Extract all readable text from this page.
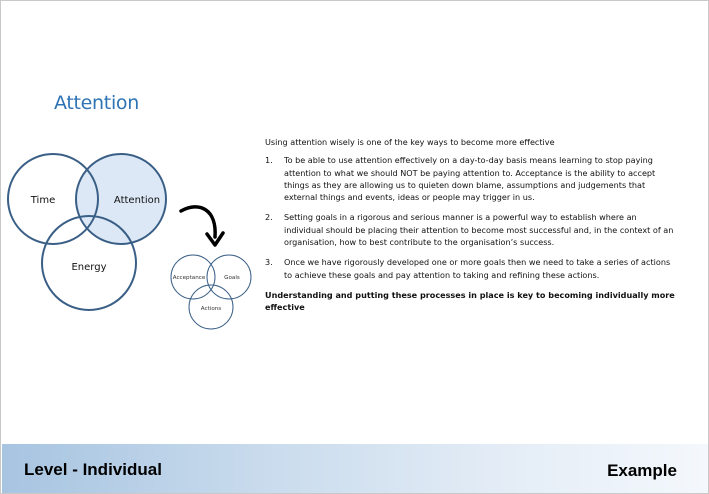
Attention
Time	Attention
Energy
Acceptance	Goals
Actions

Using attention wisely is one of the key ways to become more effective

1. To be able to use attention effectively on a day-to-day basis means learning to stop paying attention to what we should NOT be paying attention to. Acceptance is the ability to accept things as they are allowing us to quieten down blame, assumptions and judgements that external things and events, ideas or people may trigger in us.
2. Setting goals in a rigorous and serious manner is a powerful way to establish where an individual should be placing their attention to become most successful and, in the context of an organisation, how to best contribute to the organisation’s success.
3. Once we have rigorously developed one or more goals then we need to take a series of actions to achieve these goals and pay attention to taking and refining these actions.

Understanding and putting these processes in place is key to becoming individually more effective

Level - Individual	Example
